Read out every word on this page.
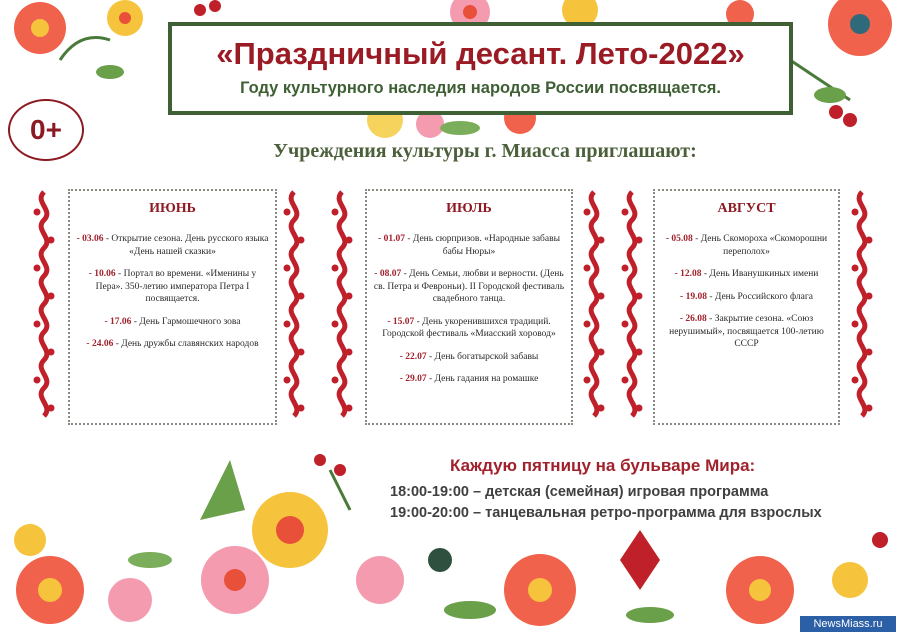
«Праздничный десант. Лето-2022»
Году культурного наследия народов России посвящается.
0+
Учреждения культуры г. Миасса приглашают:
ИЮНЬ
- 03.06 - Открытие сезона. День русского языка «День нашей сказки»
- 10.06 - Портал во времени. «Именины у Пера». 350-летию императора Петра I посвящается.
- 17.06 - День Гармошечного зова
- 24.06 - День дружбы славянских народов
ИЮЛЬ
- 01.07 - День сюрпризов. «Народные забавы бабы Нюры»
- 08.07 - День Семьи, любви и верности. (День св. Петра и Февроньи). II Городской фестиваль свадебного танца.
- 15.07 - День укоренившихся традиций. Городской фестиваль «Миасский хоровод»
- 22.07 - День богатырской забавы
- 29.07 - День гадания на ромашке
АВГУСТ
- 05.08 - День Скомороха «Скоморошни переполох»
- 12.08 - День Иванушкиных имени
- 19.08 - День Российского флага
- 26.08 - Закрытие сезона. «Союз нерушимый», посвящается 100-летию СССР
Каждую пятницу на бульваре Мира:
18:00-19:00 – детская (семейная) игровая программа
19:00-20:00 – танцевальная ретро-программа для взрослых
NewsMiass.ru
